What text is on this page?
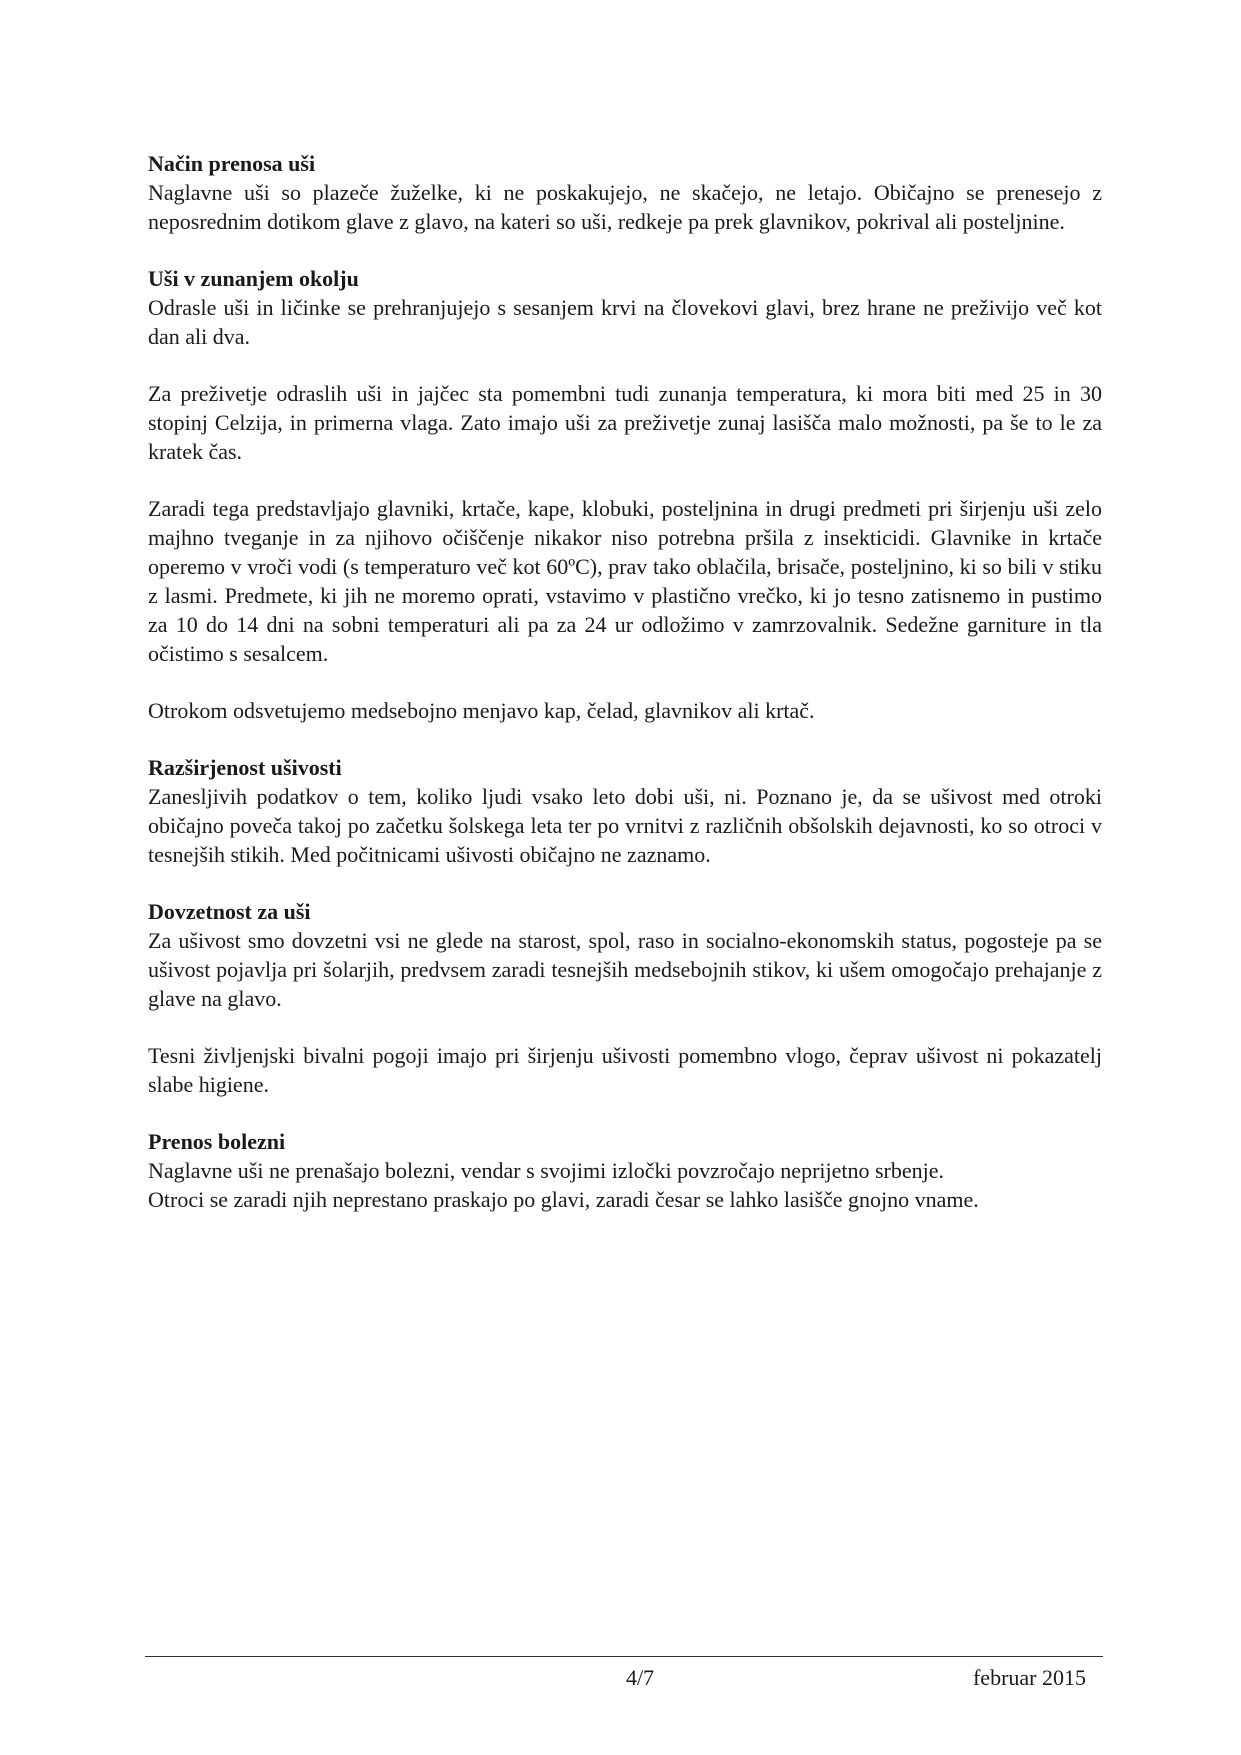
Način prenosa uši

Naglavne uši so plazeče žuželke, ki ne poskakujejo, ne skačejo, ne letajo. Običajno se prenesejo z neposrednim dotikom glave z glavo, na kateri so uši, redkeje pa prek glavnikov, pokrival ali posteljnine.

Uši v zunanjem okolju

Odrasle uši in ličinke se prehranjujejo s sesanjem krvi na človekovi glavi, brez hrane ne preživijo več kot dan ali dva.

Za preživetje odraslih uši in jajčec sta pomembni tudi zunanja temperatura, ki mora biti med 25 in 30 stopinj Celzija, in primerna vlaga. Zato imajo uši za preživetje zunaj lasišča malo možnosti, pa še to le za kratek čas.

Zaradi tega predstavljajo glavniki, krtače, kape, klobuki, posteljnina in drugi predmeti pri širjenju uši zelo majhno tveganje in za njihovo očiščenje nikakor niso potrebna pršila z insekticidi. Glavnike in krtače operemo v vroči vodi (s temperaturo več kot 60ºC), prav tako oblačila, brisače, posteljnino, ki so bili v stiku z lasmi. Predmete, ki jih ne moremo oprati, vstavimo v plastično vrečko, ki jo tesno zatisnemo in pustimo za 10 do 14 dni na sobni temperaturi ali pa za 24 ur odložimo v zamrzovalnik. Sedežne garniture in tla očistimo s sesalcem.

Otrokom odsvetujemo medsebojno menjavo kap, čelad, glavnikov ali krtač.

Razširjenost ušivosti

Zanesljivih podatkov o tem, koliko ljudi vsako leto dobi uši, ni. Poznano je, da se ušivost med otroki običajno poveča takoj po začetku šolskega leta ter po vrnitvi z različnih obšolskih dejavnosti, ko so otroci v tesnejših stikih. Med počitnicami ušivosti običajno ne zaznamo.

Dovzetnost za uši

Za ušivost smo dovzetni vsi ne glede na starost, spol, raso in socialno-ekonomskih status, pogosteje pa se ušivost pojavlja pri šolarjih, predvsem zaradi tesnejših medsebojnih stikov, ki ušem omogočajo prehajanje z glave na glavo.

Tesni življenjski bivalni pogoji imajo pri širjenju ušivosti pomembno vlogo, čeprav ušivost ni pokazatelj slabe higiene.

Prenos bolezni

Naglavne uši ne prenašajo bolezni, vendar s svojimi izločki povzročajo neprijetno srbenje.
Otroci se zaradi njih neprestano praskajo po glavi, zaradi česar se lahko lasišče gnojno vname.

4/7	februar 2015
